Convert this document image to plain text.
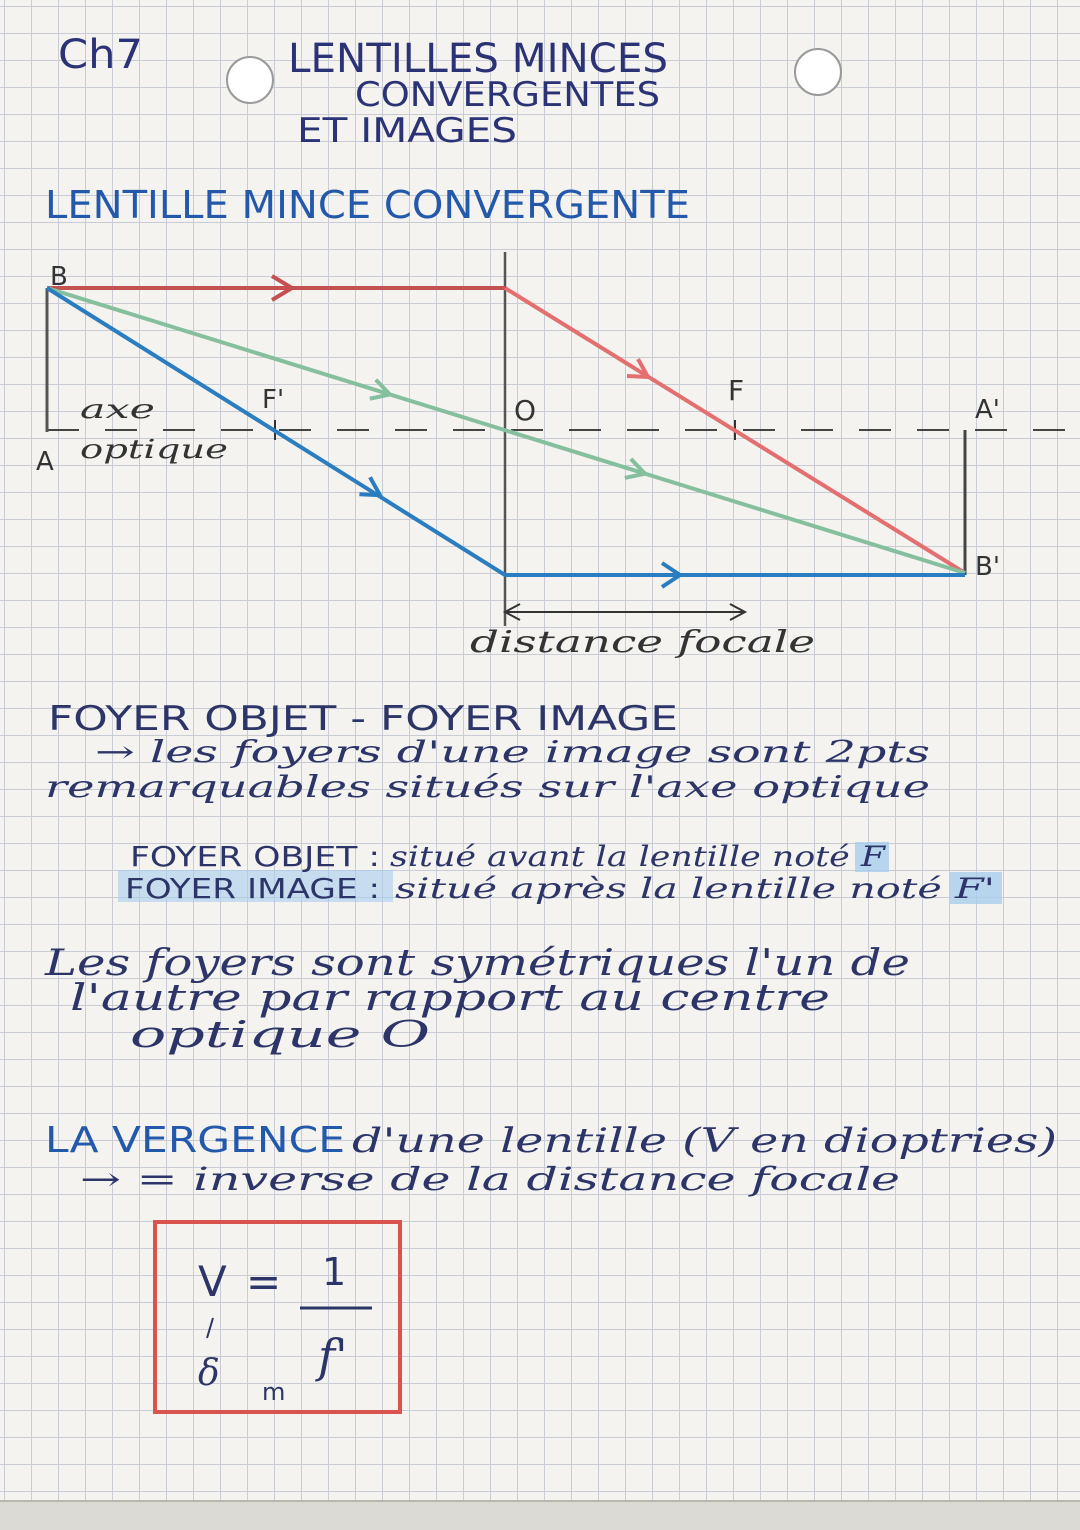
Ch7	LENTILLES MINCES
CONVERGENTES
ET IMAGES
LENTILLE MINCE CONVERGENTE
B
axe
optique
A
F'	O
F
A'
B'
distance focale
FOYER OBJET - FOYER IMAGE
→ les foyers d'une image sont 2pts
remarquables situés sur l'axe optique
FOYER OBJET : situé avant la lentille noté F
FOYER IMAGE : situé après la lentille noté F'
Les foyers sont symétriques l'un de
l'autre par rapport au centre
optique O
LA VERGENCE d'une lentille (V en dioptries)
→ = inverse de la distance focale
V = 1
f'
δ m
